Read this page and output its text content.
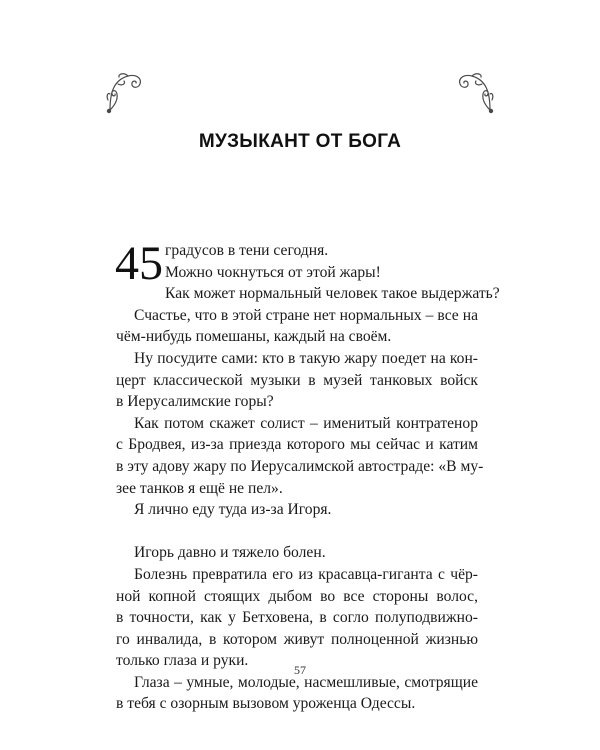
МУЗЫКАНТ ОТ БОГА
45 градусов в тени сегодня.
Можно чокнуться от этой жары!
Как может нормальный человек такое выдержать?
Счастье, что в этой стране нет нормальных – все на
чём-нибудь помешаны, каждый на своём.
Ну посудите сами: кто в такую жару поедет на кон-
церт классической музыки в музей танковых войск
в Иерусалимские горы?
Как потом скажет солист – именитый контратенор
с Бродвея, из-за приезда которого мы сейчас и катим
в эту адову жару по Иерусалимской автостраде: «В му-
зее танков я ещё не пел».
Я лично еду туда из-за Игоря.
Игорь давно и тяжело болен.
Болезнь превратила его из красавца-гиганта с чёр-
ной копной стоящих дыбом во все стороны волос,
в точности, как у Бетховена, в согло полуподвижно-
го инвалида, в котором живут полноценной жизнью
только глаза и руки.
Глаза – умные, молодые, насмешливые, смотрящие
в тебя с озорным вызовом уроженца Одессы.
57
